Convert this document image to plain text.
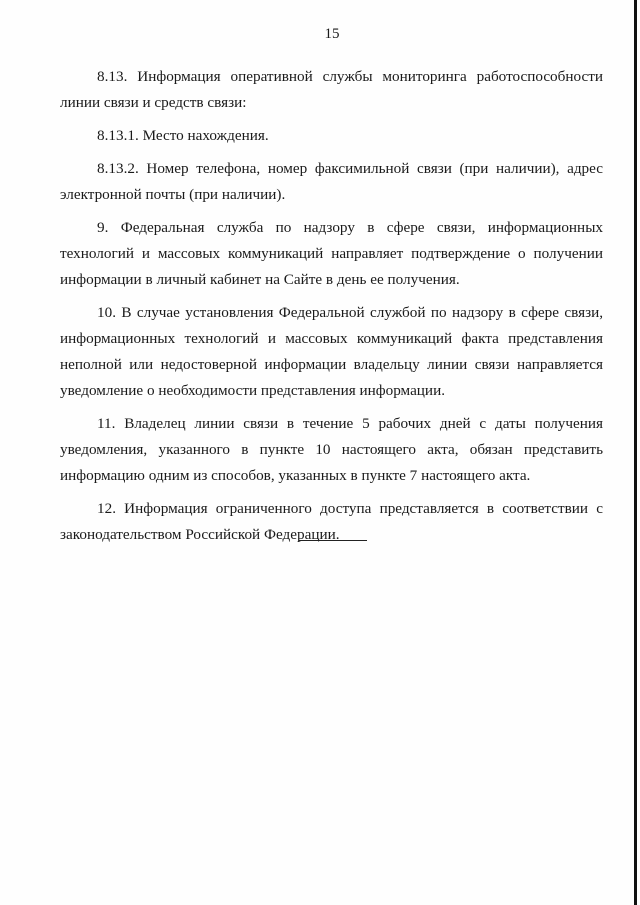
15

8.13. Информация оперативной службы мониторинга работоспособности линии связи и средств связи:

8.13.1. Место нахождения.

8.13.2. Номер телефона, номер факсимильной связи (при наличии), адрес электронной почты (при наличии).

9. Федеральная служба по надзору в сфере связи, информационных технологий и массовых коммуникаций направляет подтверждение о получении информации в личный кабинет на Сайте в день ее получения.

10. В случае установления Федеральной службой по надзору в сфере связи, информационных технологий и массовых коммуникаций факта представления неполной или недостоверной информации владельцу линии связи направляется уведомление о необходимости представления информации.

11. Владелец линии связи в течение 5 рабочих дней с даты получения уведомления, указанного в пункте 10 настоящего акта, обязан представить информацию одним из способов, указанных в пункте 7 настоящего акта.

12. Информация ограниченного доступа представляется в соответствии с законодательством Российской Федерации.
